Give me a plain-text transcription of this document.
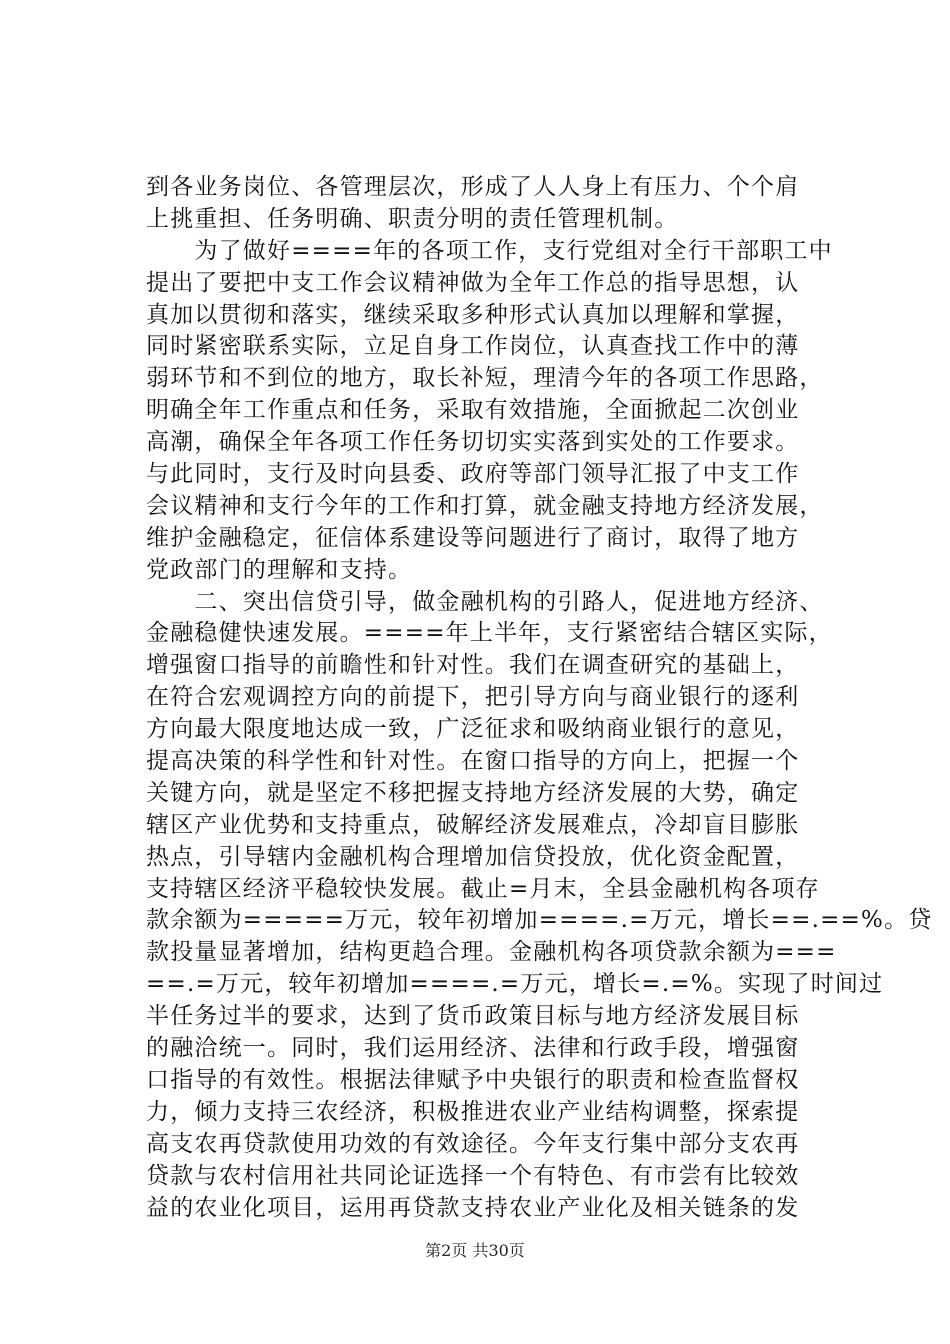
到各业务岗位、各管理层次，形成了人人身上有压力、个个肩
上挑重担、任务明确、职责分明的责任管理机制。
　　为了做好====年的各项工作，支行党组对全行干部职工中
提出了要把中支工作会议精神做为全年工作总的指导思想，认
真加以贯彻和落实，继续采取多种形式认真加以理解和掌握，
同时紧密联系实际，立足自身工作岗位，认真查找工作中的薄
弱环节和不到位的地方，取长补短，理清今年的各项工作思路，
明确全年工作重点和任务，采取有效措施，全面掀起二次创业
高潮，确保全年各项工作任务切切实实落到实处的工作要求。
与此同时，支行及时向县委、政府等部门领导汇报了中支工作
会议精神和支行今年的工作和打算，就金融支持地方经济发展，
维护金融稳定，征信体系建设等问题进行了商讨，取得了地方
党政部门的理解和支持。
　　二、突出信贷引导，做金融机构的引路人，促进地方经济、
金融稳健快速发展。====年上半年，支行紧密结合辖区实际，
增强窗口指导的前瞻性和针对性。我们在调查研究的基础上，
在符合宏观调控方向的前提下，把引导方向与商业银行的逐利
方向最大限度地达成一致，广泛征求和吸纳商业银行的意见，
提高决策的科学性和针对性。在窗口指导的方向上，把握一个
关键方向，就是坚定不移把握支持地方经济发展的大势，确定
辖区产业优势和支持重点，破解经济发展难点，冷却盲目膨胀
热点，引导辖内金融机构合理增加信贷投放，优化资金配置，
支持辖区经济平稳较快发展。截止=月末，全县金融机构各项存
款余额为=====万元，较年初增加====.=万元，增长==.==%。贷
款投量显著增加，结构更趋合理。金融机构各项贷款余额为===
==.=万元，较年初增加====.=万元，增长=.=%。实现了时间过
半任务过半的要求，达到了货币政策目标与地方经济发展目标
的融洽统一。同时，我们运用经济、法律和行政手段，增强窗
口指导的有效性。根据法律赋予中央银行的职责和检查监督权
力，倾力支持三农经济，积极推进农业产业结构调整，探索提
高支农再贷款使用功效的有效途径。今年支行集中部分支农再
贷款与农村信用社共同论证选择一个有特色、有市尝有比较效
益的农业化项目，运用再贷款支持农业产业化及相关链条的发
第2页 共30页
